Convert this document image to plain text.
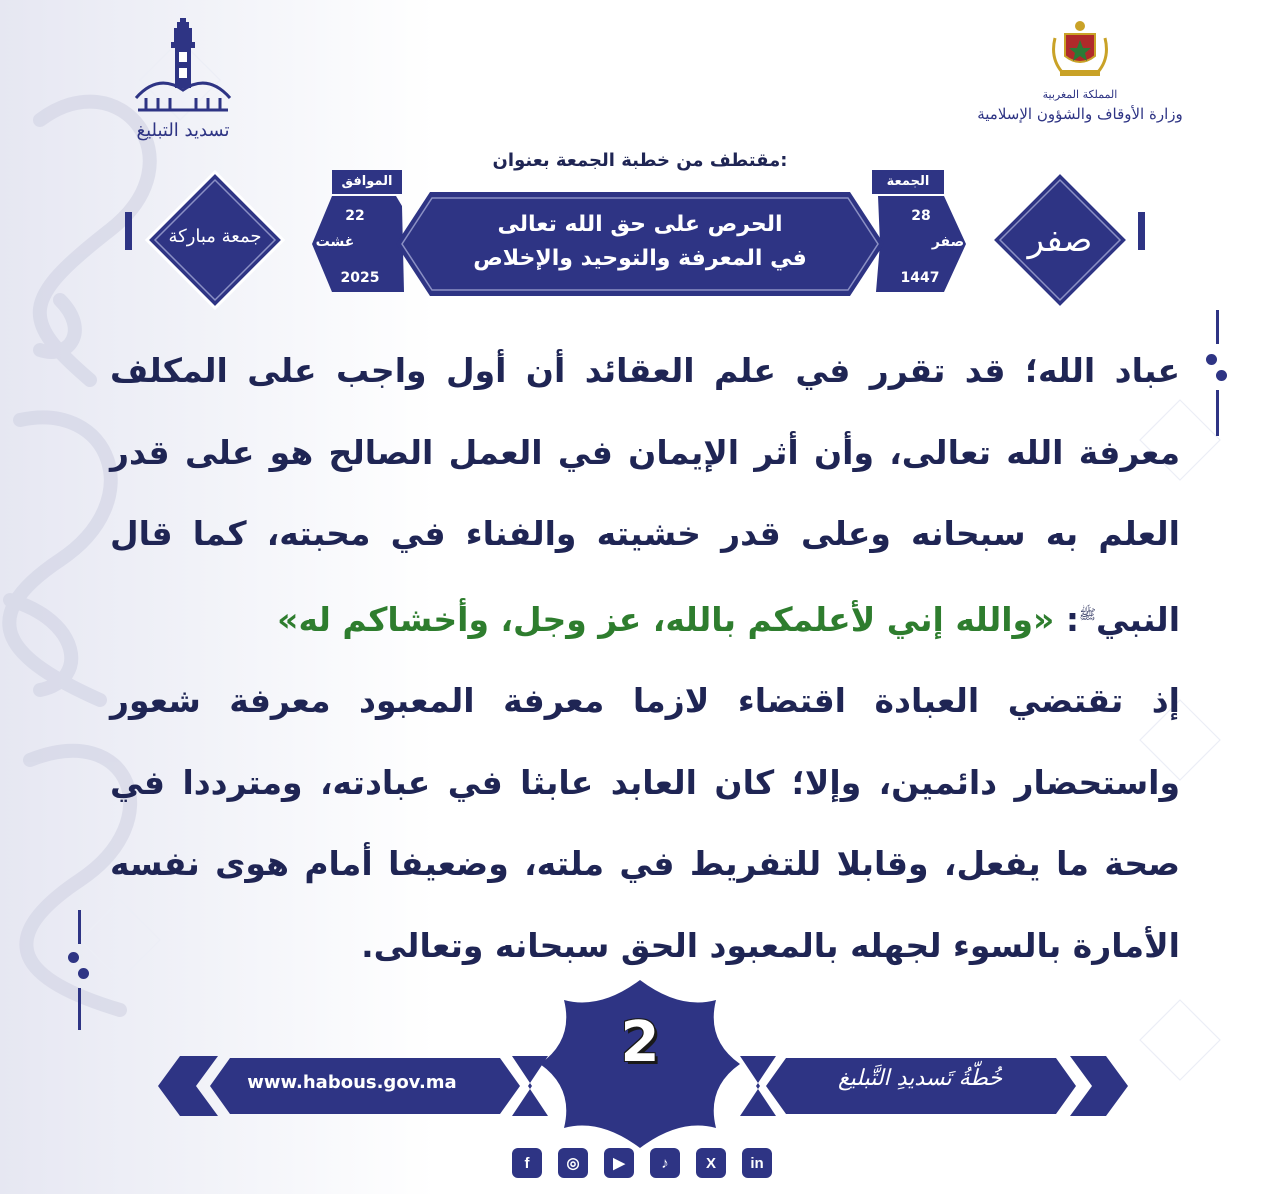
تسديد التبليغ
المملكة المغربية
وزارة الأوقاف والشؤون الإسلامية
مقتطف من خطبة الجمعة بعنوان:
الجمعة
28
صفر
1447
الموافق
22
غشت
2025
الحرص على حق الله تعالى
في المعرفة والتوحيد والإخلاص	صفر
جمعة مباركة

عباد الله؛ قد تقرر في علم العقائد أن أول واجب على المكلف معرفة الله تعالى، وأن أثر الإيمان في العمل الصالح هو على قدر العلم به سبحانه وعلى قدر خشيته والفناء في محبته، كما قال النبي$^ﷺ$: «والله إني لأعلمكم بالله، عز وجل، وأخشاكم له»

إذ تقتضي العبادة اقتضاء لازما معرفة المعبود معرفة شعور واستحضار دائمين، وإلا؛ كان العابد عابثا في عبادته، ومترددا في صحة ما يفعل، وقابلا للتفريط في ملته، وضعيفا أمام هوى نفسه الأمارة بالسوء لجهله بالمعبود الحق سبحانه وتعالى.

www.habous.gov.ma
2
خُطّةُ تَسديدِ التَّبليغ
f	◎	▶	♪	X	in
